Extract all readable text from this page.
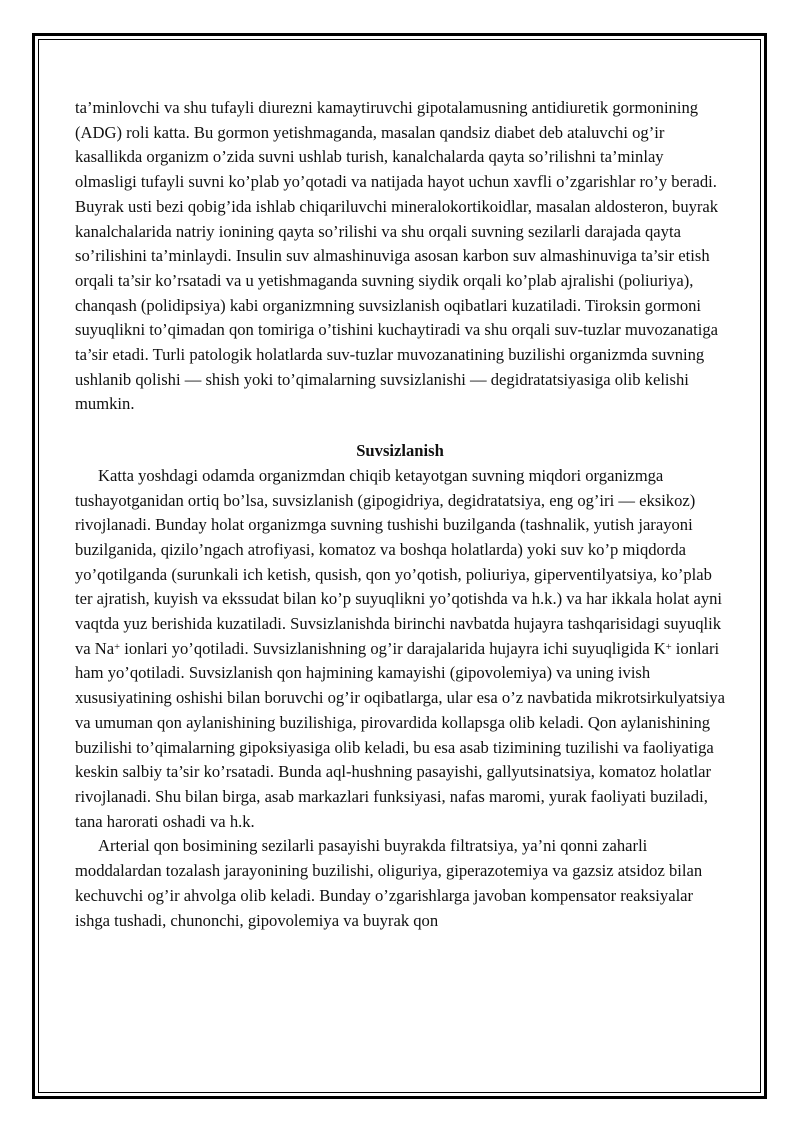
ta’minlovchi va shu tufayli diurezni kamaytiruvchi gipotalamusning antidiuretik gormonining (ADG) roli katta. Bu gormon yetishmaganda, masalan qandsiz diabet deb ataluvchi og’ir kasallikda organizm o’zida suvni ushlab turish, kanalchalarda qayta so’rilishni ta’minlay olmasligi tufayli suvni ko’plab yo’qotadi va natijada hayot uchun xavfli o’zgarishlar ro’y beradi. Buyrak usti bezi qobig’ida ishlab chiqariluvchi mineralokortikoidlar, masalan aldosteron, buyrak kanalchalarida natriy ionining qayta so’rilishi va shu orqali suvning sezilarli darajada qayta so’rilishini ta’minlaydi. Insulin suv almashinuviga asosan karbon suv almashinuviga ta’sir etish orqali ta’sir ko’rsatadi va u yetishmaganda suvning siydik orqali ko’plab ajralishi (poliuriya), chanqash (polidipsiya) kabi organizmning suvsizlanish oqibatlari kuzatiladi. Tiroksin gormoni suyuqlikni to’qimadan qon tomiriga o’tishini kuchaytiradi va shu orqali suv-tuzlar muvozanatiga ta’sir etadi. Turli patologik holatlarda suv-tuzlar muvozanatining buzilishi organizmda suvning ushlanib qolishi — shish yoki to’qimalarning suvsizlanishi — degidratatsiyasiga olib kelishi mumkin.

Suvsizlanish

Katta yoshdagi odamda organizmdan chiqib ketayotgan suvning miqdori organizmga tushayotganidan ortiq bo’lsa, suvsizlanish (gipogidriya, degidratatsiya, eng og’iri — eksikoz) rivojlanadi. Bunday holat organizmga suvning tushishi buzilganda (tashnalik, yutish jarayoni buzilganida, qizilo’ngach atrofiyasi, komatoz va boshqa holatlarda) yoki suv ko’p miqdorda yo’qotilganda (surunkali ich ketish, qusish, qon yo’qotish, poliuriya, giperventilyatsiya, ko’plab ter ajratish, kuyish va ekssudat bilan ko’p suyuqlikni yo’qotishda va h.k.) va har ikkala holat ayni vaqtda yuz berishida kuzatiladi. Suvsizlanishda birinchi navbatda hujayra tashqarisidagi suyuqlik va Na+ ionlari yo’qotiladi. Suvsizlanishning og’ir darajalarida hujayra ichi suyuqligida K+ ionlari ham yo’qotiladi. Suvsizlanish qon hajmining kamayishi (gipovolemiya) va uning ivish xususiyatining oshishi bilan boruvchi og’ir oqibatlarga, ular esa o’z navbatida mikrotsirkulyatsiya va umuman qon aylanishining buzilishiga, pirovardida kollapsga olib keladi. Qon aylanishining buzilishi to’qimalarning gipoksiyasiga olib keladi, bu esa asab tizimining tuzilishi va faoliyatiga keskin salbiy ta’sir ko’rsatadi. Bunda aql-hushning pasayishi, gallyutsinatsiya, komatoz holatlar rivojlanadi. Shu bilan birga, asab markazlari funksiyasi, nafas maromi, yurak faoliyati buziladi, tana harorati oshadi va h.k.

Arterial qon bosimining sezilarli pasayishi buyrakda filtratsiya, ya’ni qonni zaharli moddalardan tozalash jarayonining buzilishi, oliguriya, giperazotemiya va gazsiz atsidoz bilan kechuvchi og’ir ahvolga olib keladi. Bunday o’zgarishlarga javoban kompensator reaksiyalar ishga tushadi, chunonchi, gipovolemiya va buyrak qon
